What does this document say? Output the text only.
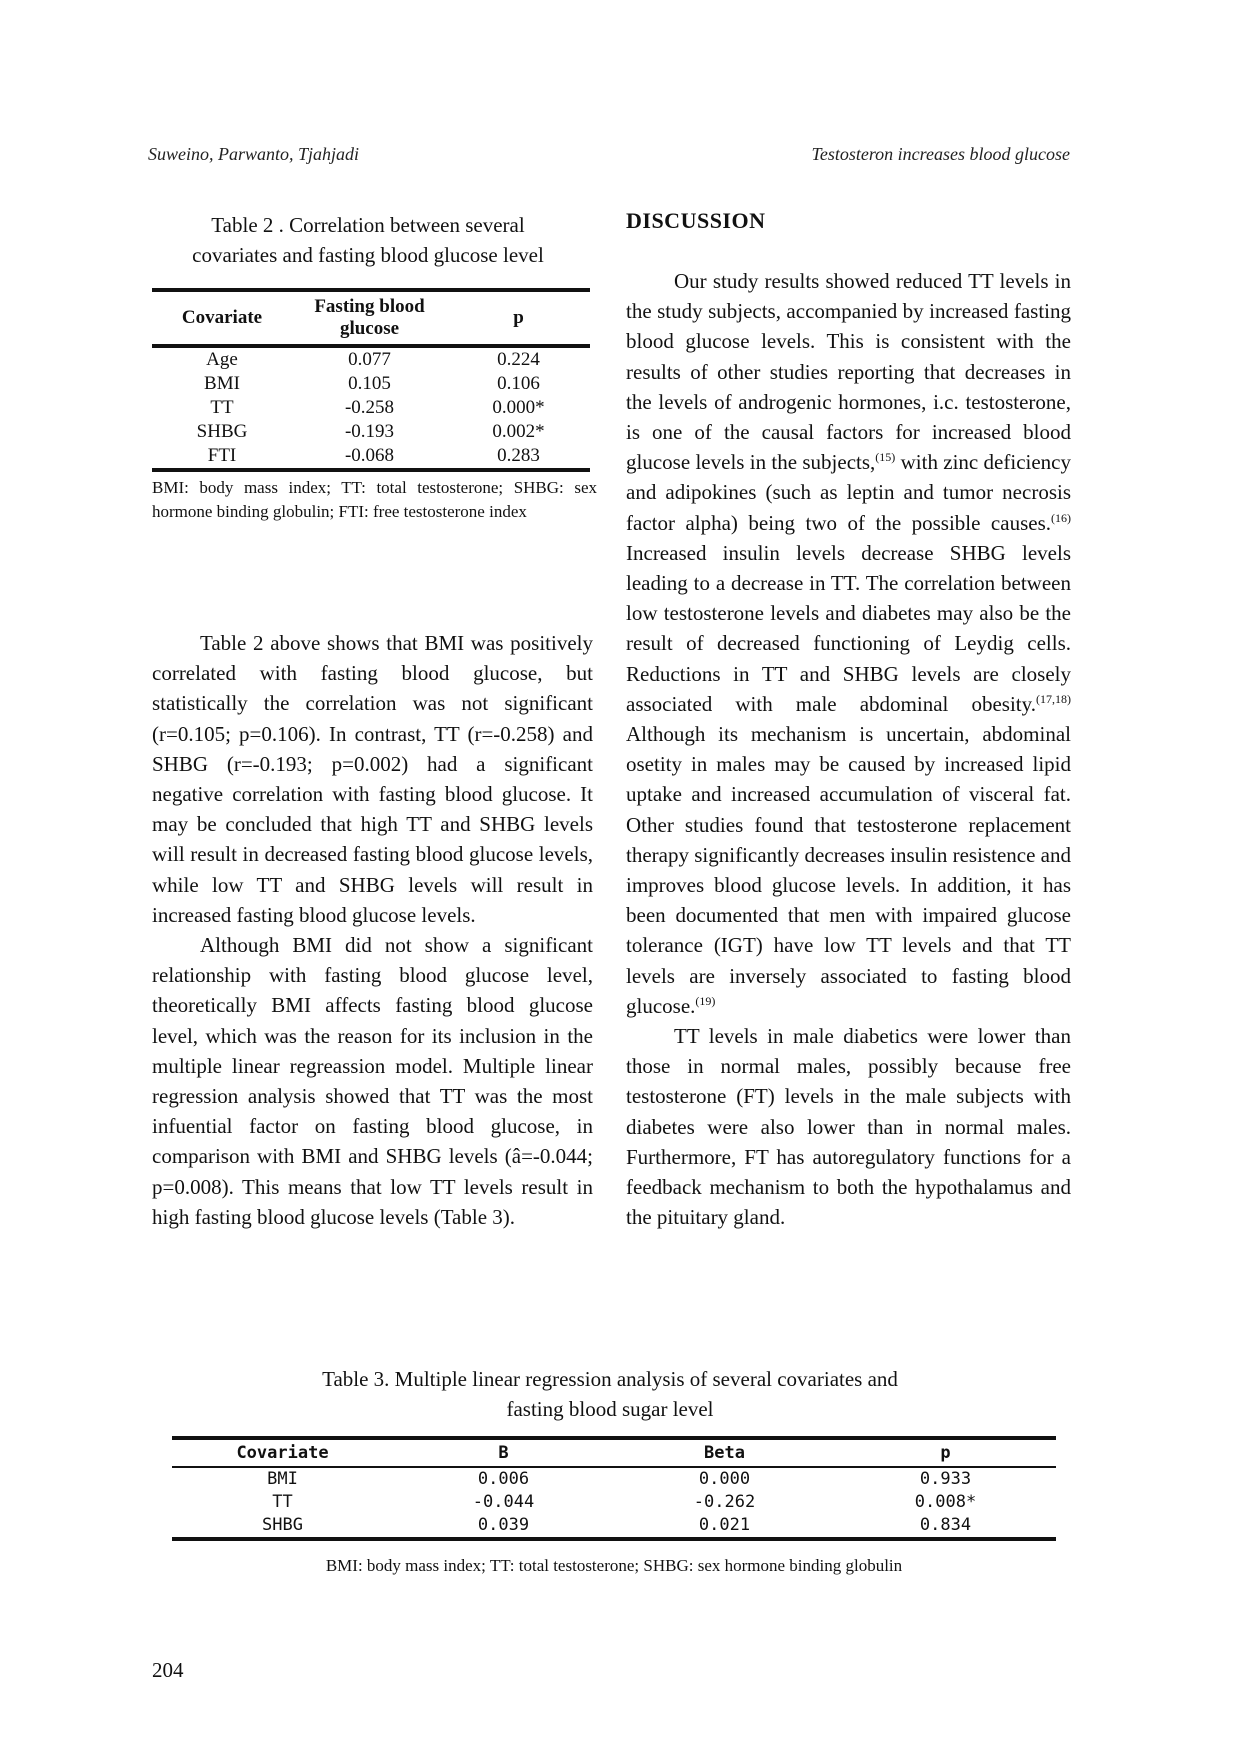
Suweino, Parwanto, Tjahjadi	Testosteron increases blood glucose
Table 2 . Correlation between several
covariates and fasting blood glucose level
Covariate	Fasting blood glucose	p
Age	0.077	0.224
BMI	0.105	0.106
TT	-0.258	0.000*
SHBG	-0.193	0.002*
FTI	-0.068	0.283
BMI: body mass index; TT: total testosterone; SHBG: sex hormone binding globulin; FTI: free testosterone index

Table 2 above shows that BMI was positively correlated with fasting blood glucose, but statistically the correlation was not significant (r=0.105; p=0.106). In contrast, TT (r=-0.258) and SHBG (r=-0.193; p=0.002) had a significant negative correlation with fasting blood glucose. It may be concluded that high TT and SHBG levels will result in decreased fasting blood glucose levels, while low TT and SHBG levels will result in increased fasting blood glucose levels.

Although BMI did not show a significant relationship with fasting blood glucose level, theoretically BMI affects fasting blood glucose level, which was the reason for its inclusion in the multiple linear regreassion model. Multiple linear regression analysis showed that TT was the most infuential factor on fasting blood glucose, in comparison with BMI and SHBG levels (â=-0.044; p=0.008). This means that low TT levels result in high fasting blood glucose levels (Table 3).

DISCUSSION

Our study results showed reduced TT levels in the study subjects, accompanied by increased fasting blood glucose levels. This is consistent with the results of other studies reporting that decreases in the levels of androgenic hormones, i.c. testosterone, is one of the causal factors for increased blood glucose levels in the subjects,$^{(15)}$ with zinc deficiency and adipokines (such as leptin and tumor necrosis factor alpha) being two of the possible causes.$^{(16)}$ Increased insulin levels decrease SHBG levels leading to a decrease in TT. The correlation between low testosterone levels and diabetes may also be the result of decreased functioning of Leydig cells. Reductions in TT and SHBG levels are closely associated with male abdominal obesity.$^{(17,18)}$ Although its mechanism is uncertain, abdominal osetity in males may be caused by increased lipid uptake and increased accumulation of visceral fat. Other studies found that testosterone replacement therapy significantly decreases insulin resistence and improves blood glucose levels. In addition, it has been documented that men with impaired glucose tolerance (IGT) have low TT levels and that TT levels are inversely associated to fasting blood glucose.$^{(19)}$

TT levels in male diabetics were lower than those in normal males, possibly because free testosterone (FT) levels in the male subjects with diabetes were also lower than in normal males. Furthermore, FT has autoregulatory functions for a feedback mechanism to both the hypothalamus and the pituitary gland.

Table 3. Multiple linear regression analysis of several covariates and
fasting blood sugar level
Covariate	B	Beta	p
BMI	0.006	0.000	0.933
TT	-0.044	-0.262	0.008*
SHBG	0.039	0.021	0.834
BMI: body mass index; TT: total testosterone; SHBG: sex hormone binding globulin
204
